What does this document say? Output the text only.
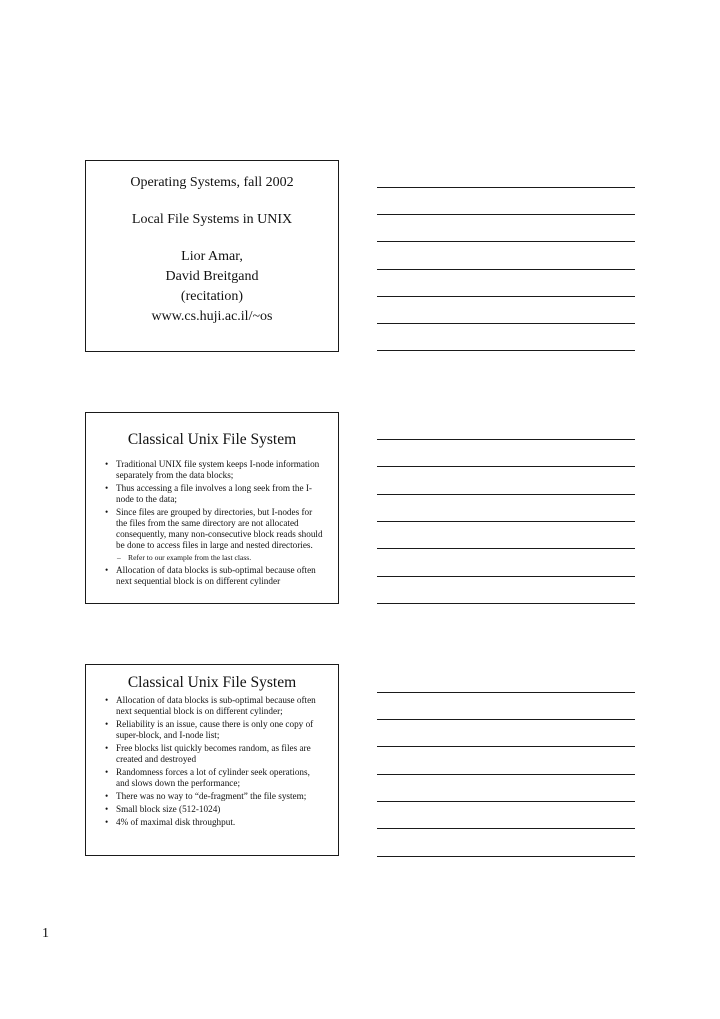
Operating Systems, fall 2002
Local File Systems in UNIX
Lior Amar,
David Breitgand
(recitation)
www.cs.huji.ac.il/~os
Classical Unix File System
• Traditional UNIX file system keeps I-node information separately from the data blocks;
• Thus accessing a file involves a long seek from the I-node to the data;
• Since files are grouped by directories, but I-nodes for the files from the same directory are not allocated consequently, many non-consecutive block reads should be done to access files in large and nested directories.
– Refer to our example from the last class.
• Allocation of data blocks is sub-optimal because often next sequential block is on different cylinder
Classical Unix File System
• Allocation of data blocks is sub-optimal because often next sequential block is on different cylinder;
• Reliability is an issue, cause there is only one copy of super-block, and I-node list;
• Free blocks list quickly becomes random, as files are created and destroyed
• Randomness forces a lot of cylinder seek operations, and slows down the performance;
• There was no way to “de-fragment” the file system;
• Small block size (512-1024)
• 4% of maximal disk throughput.
1
